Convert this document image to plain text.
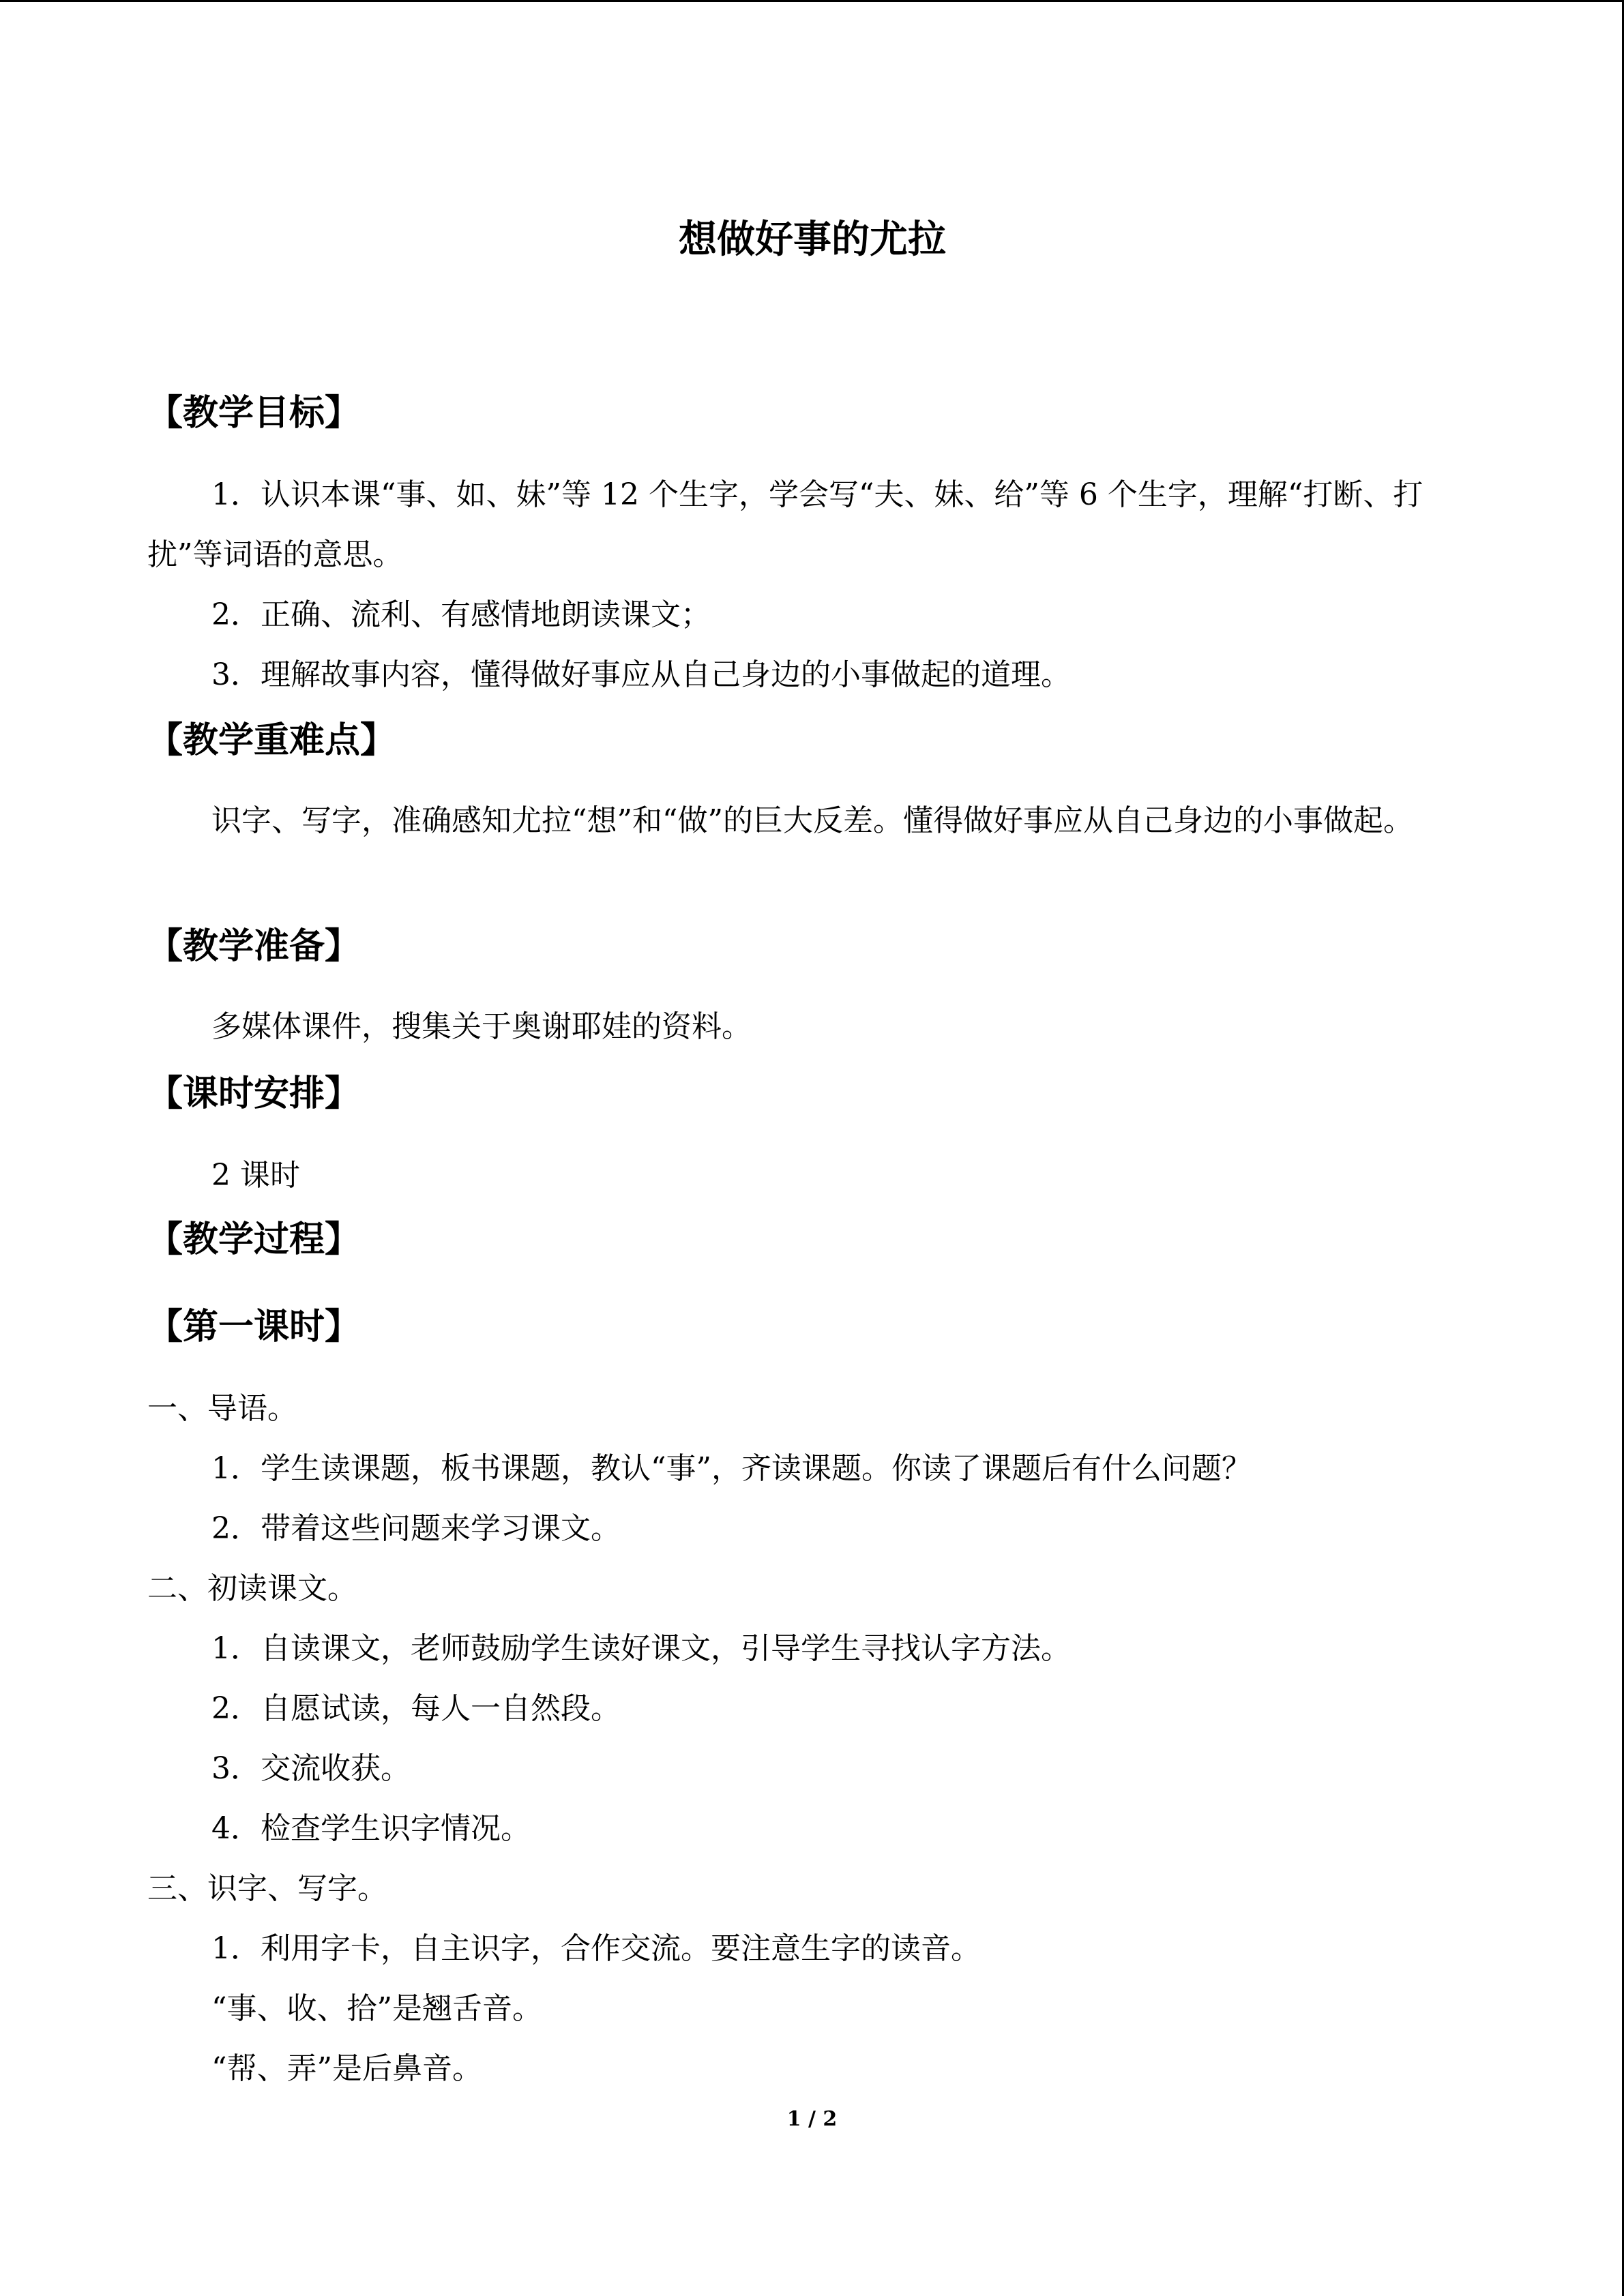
想做好事的尤拉
【教学目标】
1．认识本课“事、如、妹”等 12 个生字，学会写“夫、妹、给”等 6 个生字，理解“打断、打扰”等词语的意思。
2．正确、流利、有感情地朗读课文；
3．理解故事内容，懂得做好事应从自己身边的小事做起的道理。
【教学重难点】
识字、写字，准确感知尤拉“想”和“做”的巨大反差。懂得做好事应从自己身边的小事做起。
【教学准备】
多媒体课件，搜集关于奥谢耶娃的资料。
【课时安排】
2 课时
【教学过程】
【第一课时】
一、导语。
1．学生读课题，板书课题，教认“事”，齐读课题。你读了课题后有什么问题？
2．带着这些问题来学习课文。
二、初读课文。
1．自读课文，老师鼓励学生读好课文，引导学生寻找认字方法。
2．自愿试读，每人一自然段。
3．交流收获。
4．检查学生识字情况。
三、识字、写字。
1．利用字卡，自主识字，合作交流。要注意生字的读音。
“事、收、拾”是翘舌音。
“帮、弄”是后鼻音。
1 / 2
